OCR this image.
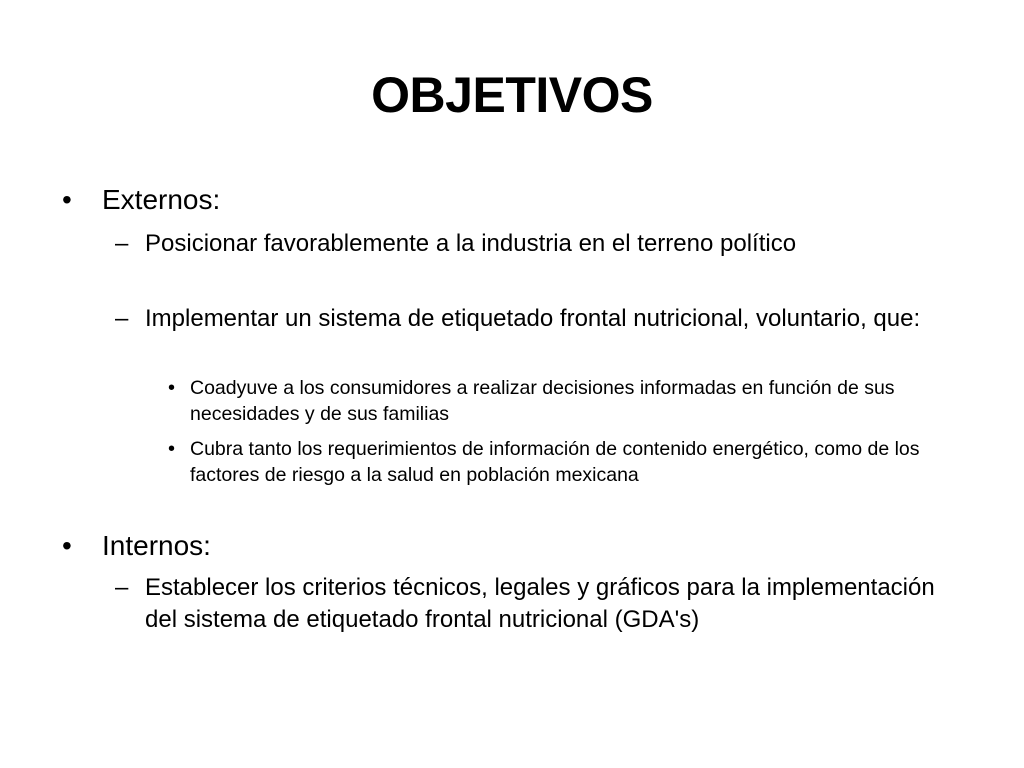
OBJETIVOS
• Externos:
– Posicionar favorablemente a la industria en el terreno político
– Implementar un sistema de etiquetado frontal nutricional, voluntario, que:
• Coadyuve a los consumidores a realizar decisiones informadas en función de sus necesidades y de sus familias
• Cubra tanto los requerimientos de información de contenido energético, como de los factores de riesgo a la salud en población mexicana
• Internos:
– Establecer los criterios técnicos, legales y gráficos para la implementación del sistema de etiquetado frontal nutricional (GDA's)
